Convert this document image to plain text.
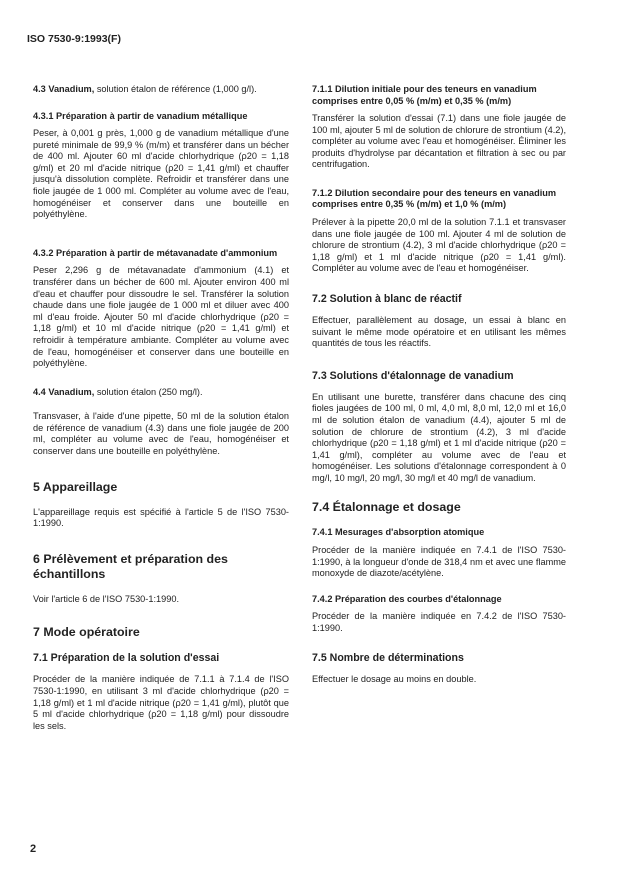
ISO 7530-9:1993(F)

4.3 Vanadium, solution étalon de référence (1,000 g/l).

4.3.1 Préparation à partir de vanadium métallique

Peser, à 0,001 g près, 1,000 g de vanadium métallique d'une pureté minimale de 99,9 % (m/m) et transférer dans un bécher de 400 ml. Ajouter 60 ml d'acide chlorhydrique (ρ20 = 1,18 g/ml) et 20 ml d'acide nitrique (ρ20 = 1,41 g/ml) et chauffer jusqu'à dissolution complète. Refroidir et transférer dans une fiole jaugée de 1 000 ml. Compléter au volume avec de l'eau, homogénéiser et conserver dans une bouteille en polyéthylène.

4.3.2 Préparation à partir de métavanadate d'ammonium

Peser 2,296 g de métavanadate d'ammonium (4.1) et transférer dans un bécher de 600 ml. Ajouter environ 400 ml d'eau et chauffer pour dissoudre le sel. Transférer la solution chaude dans une fiole jaugée de 1 000 ml et diluer avec 400 ml d'eau froide. Ajouter 50 ml d'acide chlorhydrique (ρ20 = 1,18 g/ml) et 10 ml d'acide nitrique (ρ20 = 1,41 g/ml) et refroidir à température ambiante. Compléter au volume avec de l'eau, homogénéiser et conserver dans une bouteille en polyéthylène.

4.4 Vanadium, solution étalon (250 mg/l).

Transvaser, à l'aide d'une pipette, 50 ml de la solution étalon de référence de vanadium (4.3) dans une fiole jaugée de 200 ml, compléter au volume avec de l'eau, homogénéiser et conserver dans une bouteille en polyéthylène.

5 Appareillage

L'appareillage requis est spécifié à l'article 5 de l'ISO 7530-1:1990.

6 Prélèvement et préparation des échantillons

Voir l'article 6 de l'ISO 7530-1:1990.

7 Mode opératoire
7.1 Préparation de la solution d'essai

Procéder de la manière indiquée de 7.1.1 à 7.1.4 de l'ISO 7530-1:1990, en utilisant 3 ml d'acide chlorhydrique (ρ20 = 1,18 g/ml) et 1 ml d'acide nitrique (ρ20 = 1,41 g/ml), plutôt que 5 ml d'acide chlorhydrique (ρ20 = 1,18 g/ml) pour dissoudre les sels.

7.1.1 Dilution initiale pour des teneurs en vanadium comprises entre 0,05 % (m/m) et 0,35 % (m/m)

Transférer la solution d'essai (7.1) dans une fiole jaugée de 100 ml, ajouter 5 ml de solution de chlorure de strontium (4.2), compléter au volume avec l'eau et homogénéiser. Éliminer les produits d'hydrolyse par décantation et filtration à sec ou par centrifugation.

7.1.2 Dilution secondaire pour des teneurs en vanadium comprises entre 0,35 % (m/m) et 1,0 % (m/m)

Prélever à la pipette 20,0 ml de la solution 7.1.1 et transvaser dans une fiole jaugée de 100 ml. Ajouter 4 ml de solution de chlorure de strontium (4.2), 3 ml d'acide chlorhydrique (ρ20 = 1,18 g/ml) et 1 ml d'acide nitrique (ρ20 = 1,41 g/ml). Compléter au volume avec de l'eau et homogénéiser.

7.2 Solution à blanc de réactif

Effectuer, parallèlement au dosage, un essai à blanc en suivant le même mode opératoire et en utilisant les mêmes quantités de tous les réactifs.

7.3 Solutions d'étalonnage de vanadium

En utilisant une burette, transférer dans chacune des cinq fioles jaugées de 100 ml, 0 ml, 4,0 ml, 8,0 ml, 12,0 ml et 16,0 ml de solution étalon de vanadium (4.4), ajouter 5 ml de solution de chlorure de strontium (4.2), 3 ml d'acide chlorhydrique (ρ20 = 1,18 g/ml) et 1 ml d'acide nitrique (ρ20 = 1,41 g/ml), compléter au volume avec de l'eau et homogénéiser. Les solutions d'étalonnage correspondent à 0 mg/l, 10 mg/l, 20 mg/l, 30 mg/l et 40 mg/l de vanadium.

7.4 Étalonnage et dosage
7.4.1 Mesurages d'absorption atomique

Procéder de la manière indiquée en 7.4.1 de l'ISO 7530-1:1990, à la longueur d'onde de 318,4 nm et avec une flamme monoxyde de diazote/acétylène.

7.4.2 Préparation des courbes d'étalonnage

Procéder de la manière indiquée en 7.4.2 de l'ISO 7530-1:1990.

7.5 Nombre de déterminations

Effectuer le dosage au moins en double.

2
